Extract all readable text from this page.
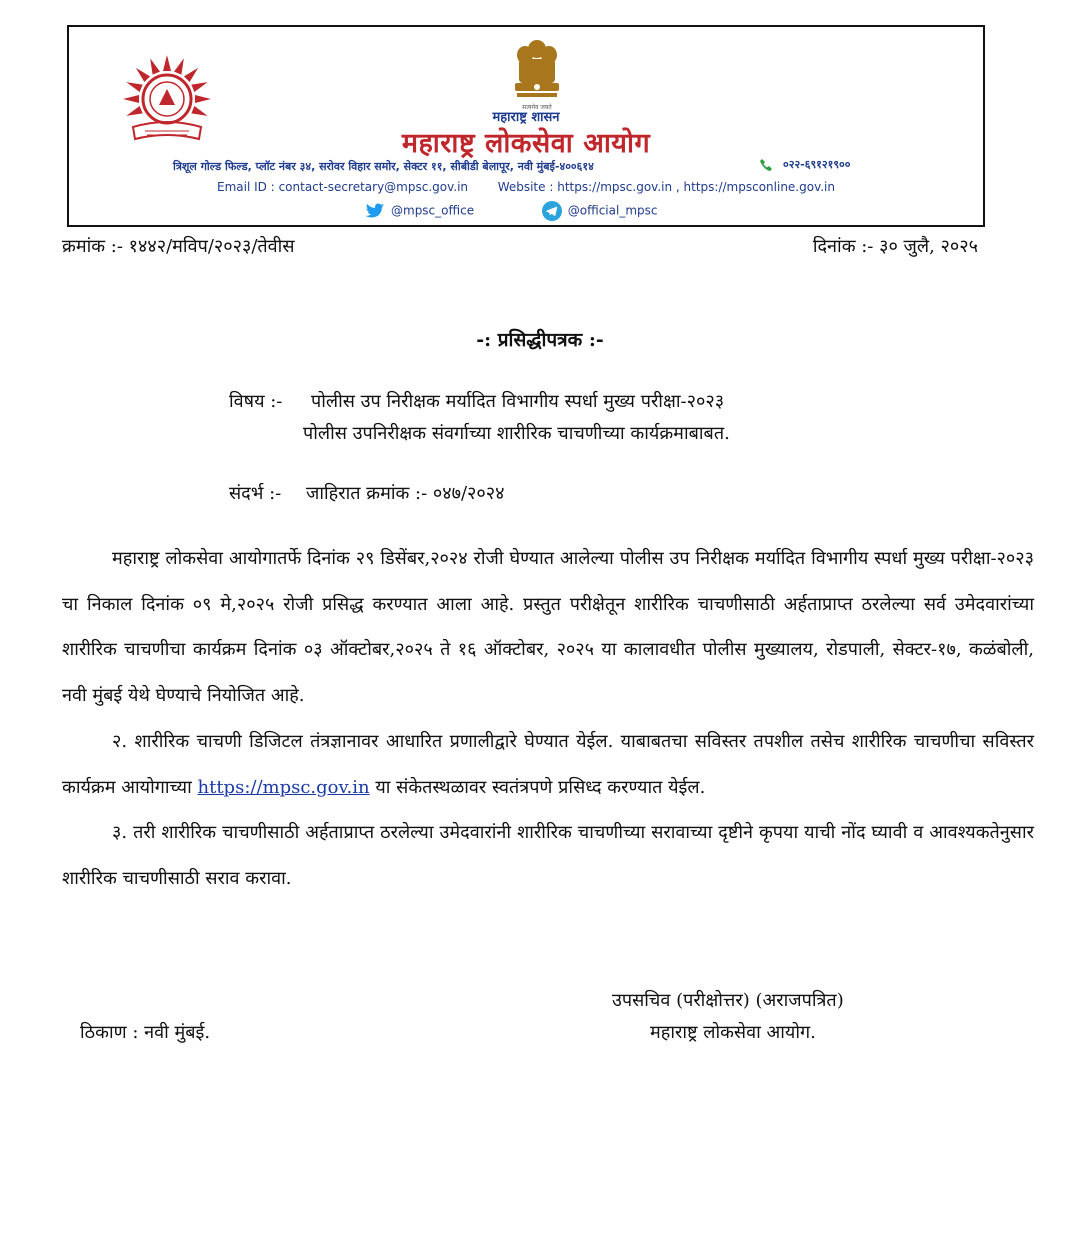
सत्यमेव जयते
महाराष्ट्र शासन
महाराष्ट्र लोकसेवा आयोग
त्रिशूल गोल्ड फिल्ड, प्लॉट नंबर ३४, सरोवर विहार समोर, सेक्टर ११, सीबीडी बेलापूर, नवी मुंबई-४००६१४	०२२-६९१२१९००
Email ID : contact-secretary@mpsc.gov.in Website : https://mpsc.gov.in , https://mpsconline.gov.in
@mpsc_office	@official_mpsc
क्रमांक :- १४४२/मविप/२०२३/तेवीस	दिनांक :- ३० जुलै, २०२५
-: प्रसिद्धीपत्रक :-
विषय :- पोलीस उप निरीक्षक मर्यादित विभागीय स्पर्धा मुख्य परीक्षा-२०२३
पोलीस उपनिरीक्षक संवर्गाच्या शारीरिक चाचणीच्या कार्यक्रमाबाबत.
संदर्भ :- जाहिरात क्रमांक :- ०४७/२०२४

महाराष्ट्र लोकसेवा आयोगातर्फे दिनांक २९ डिसेंबर,२०२४ रोजी घेण्यात आलेल्या पोलीस उप निरीक्षक मर्यादित विभागीय स्पर्धा मुख्य परीक्षा-२०२३ चा निकाल दिनांक ०९ मे,२०२५ रोजी प्रसिद्ध करण्यात आला आहे. प्रस्तुत परीक्षेतून शारीरिक चाचणीसाठी अर्हताप्राप्त ठरलेल्या सर्व उमेदवारांच्या शारीरिक चाचणीचा कार्यक्रम दिनांक ०३ ऑक्टोबर,२०२५ ते १६ ऑक्टोबर, २०२५ या कालावधीत पोलीस मुख्यालय, रोडपाली, सेक्टर-१७, कळंबोली, नवी मुंबई येथे घेण्याचे नियोजित आहे.

२. शारीरिक चाचणी डिजिटल तंत्रज्ञानावर आधारित प्रणालीद्वारे घेण्यात येईल. याबाबतचा सविस्तर तपशील तसेच शारीरिक चाचणीचा सविस्तर कार्यक्रम आयोगाच्या https://mpsc.gov.in या संकेतस्थळावर स्वतंत्रपणे प्रसिध्द करण्यात येईल.

३. तरी शारीरिक चाचणीसाठी अर्हताप्राप्त ठरलेल्या उमेदवारांनी शारीरिक चाचणीच्या सरावाच्या दृष्टीने कृपया याची नोंद घ्यावी व आवश्यकतेनुसार शारीरिक चाचणीसाठी सराव करावा.

उपसचिव (परीक्षोत्तर) (अराजपत्रित)
महाराष्ट्र लोकसेवा आयोग.
ठिकाण : नवी मुंबई.
